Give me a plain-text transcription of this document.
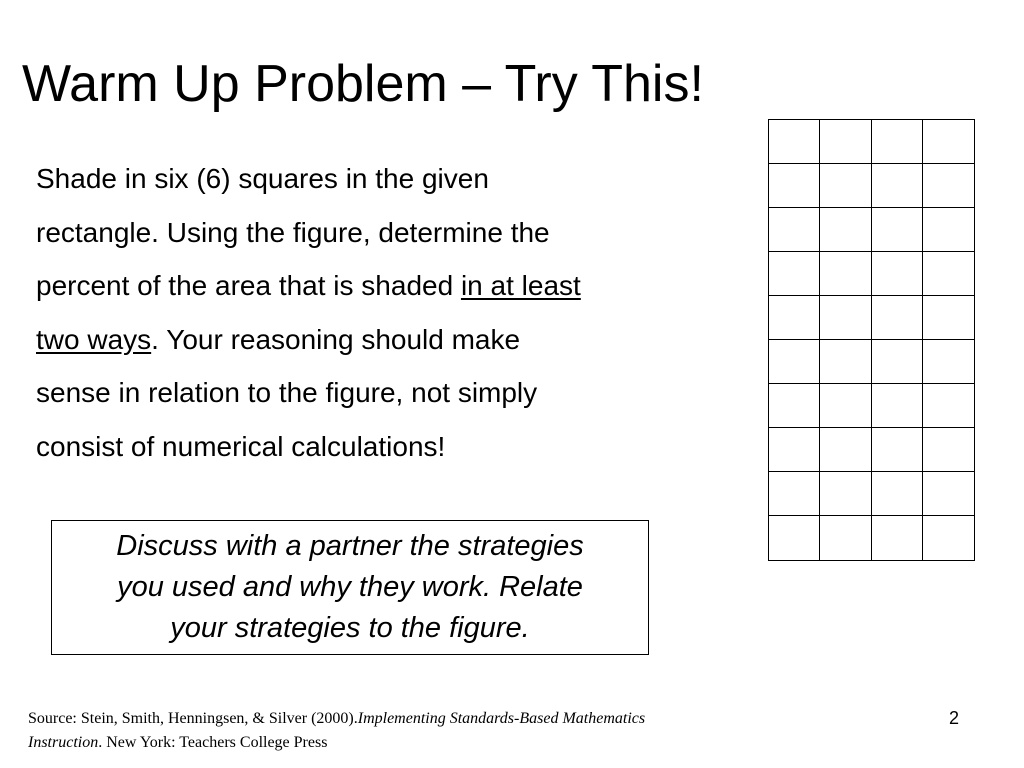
Warm Up Problem – Try This!

Shade in six (6) squares in the given

rectangle. Using the figure, determine the

percent of the area that is shaded in at least

two ways. Your reasoning should make

sense in relation to the figure, not simply

consist of numerical calculations!

Discuss with a partner the strategies
you used and why they work. Relate
your strategies to the figure.

Source: Stein, Smith, Henningsen, & Silver (2000).Implementing Standards-Based Mathematics

Instruction. New York: Teachers College Press

2
